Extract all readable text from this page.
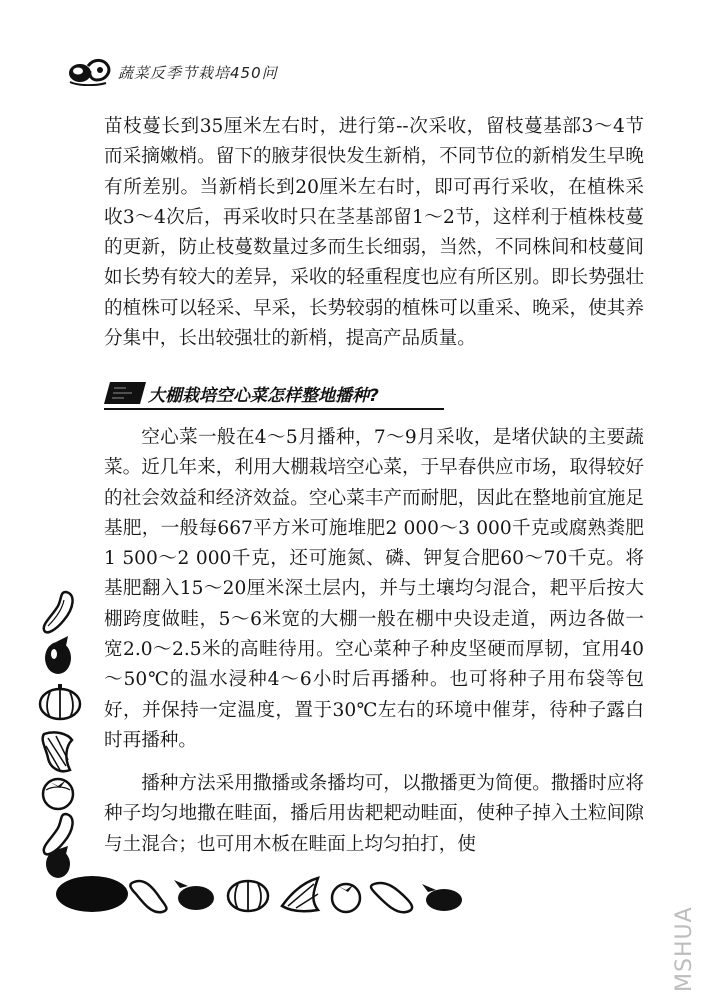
蔬菜反季节栽培450问

苗枝蔓长到35厘米左右时，进行第--次采收，留枝蔓基部3～4节而采摘嫩梢。留下的腋芽很快发生新梢，不同节位的新梢发生早晚有所差别。当新梢长到20厘米左右时，即可再行采收，在植株采收3～4次后，再采收时只在茎基部留1～2节，这样利于植株枝蔓的更新，防止枝蔓数量过多而生长细弱，当然，不同株间和枝蔓间如长势有较大的差异，采收的轻重程度也应有所区别。即长势强壮的植株可以轻采、早采，长势较弱的植株可以重采、晚采，使其养分集中，长出较强壮的新梢，提高产品质量。

大棚栽培空心菜怎样整地播种?

空心菜一般在4～5月播种，7～9月采收，是堵伏缺的主要蔬菜。近几年来，利用大棚栽培空心菜，于早春供应市场，取得较好的社会效益和经济效益。空心菜丰产而耐肥，因此在整地前宜施足基肥，一般每667平方米可施堆肥2 000～3 000千克或腐熟粪肥1 500～2 000千克，还可施氮、磷、钾复合肥60～70千克。将基肥翻入15～20厘米深土层内，并与土壤均匀混合，耙平后按大棚跨度做畦，5～6米宽的大棚一般在棚中央设走道，两边各做一宽2.0～2.5米的高畦待用。空心菜种子种皮坚硬而厚韧，宜用40～50℃的温水浸种4～6小时后再播种。也可将种子用布袋等包好，并保持一定温度，置于30℃左右的环境中催芽，待种子露白时再播种。

播种方法采用撒播或条播均可，以撒播更为简便。撒播时应将种子均匀地撒在畦面，播后用齿耙耙动畦面，使种子掉入土粒间隙与土混合；也可用木板在畦面上均匀拍打，使

MSHUA
